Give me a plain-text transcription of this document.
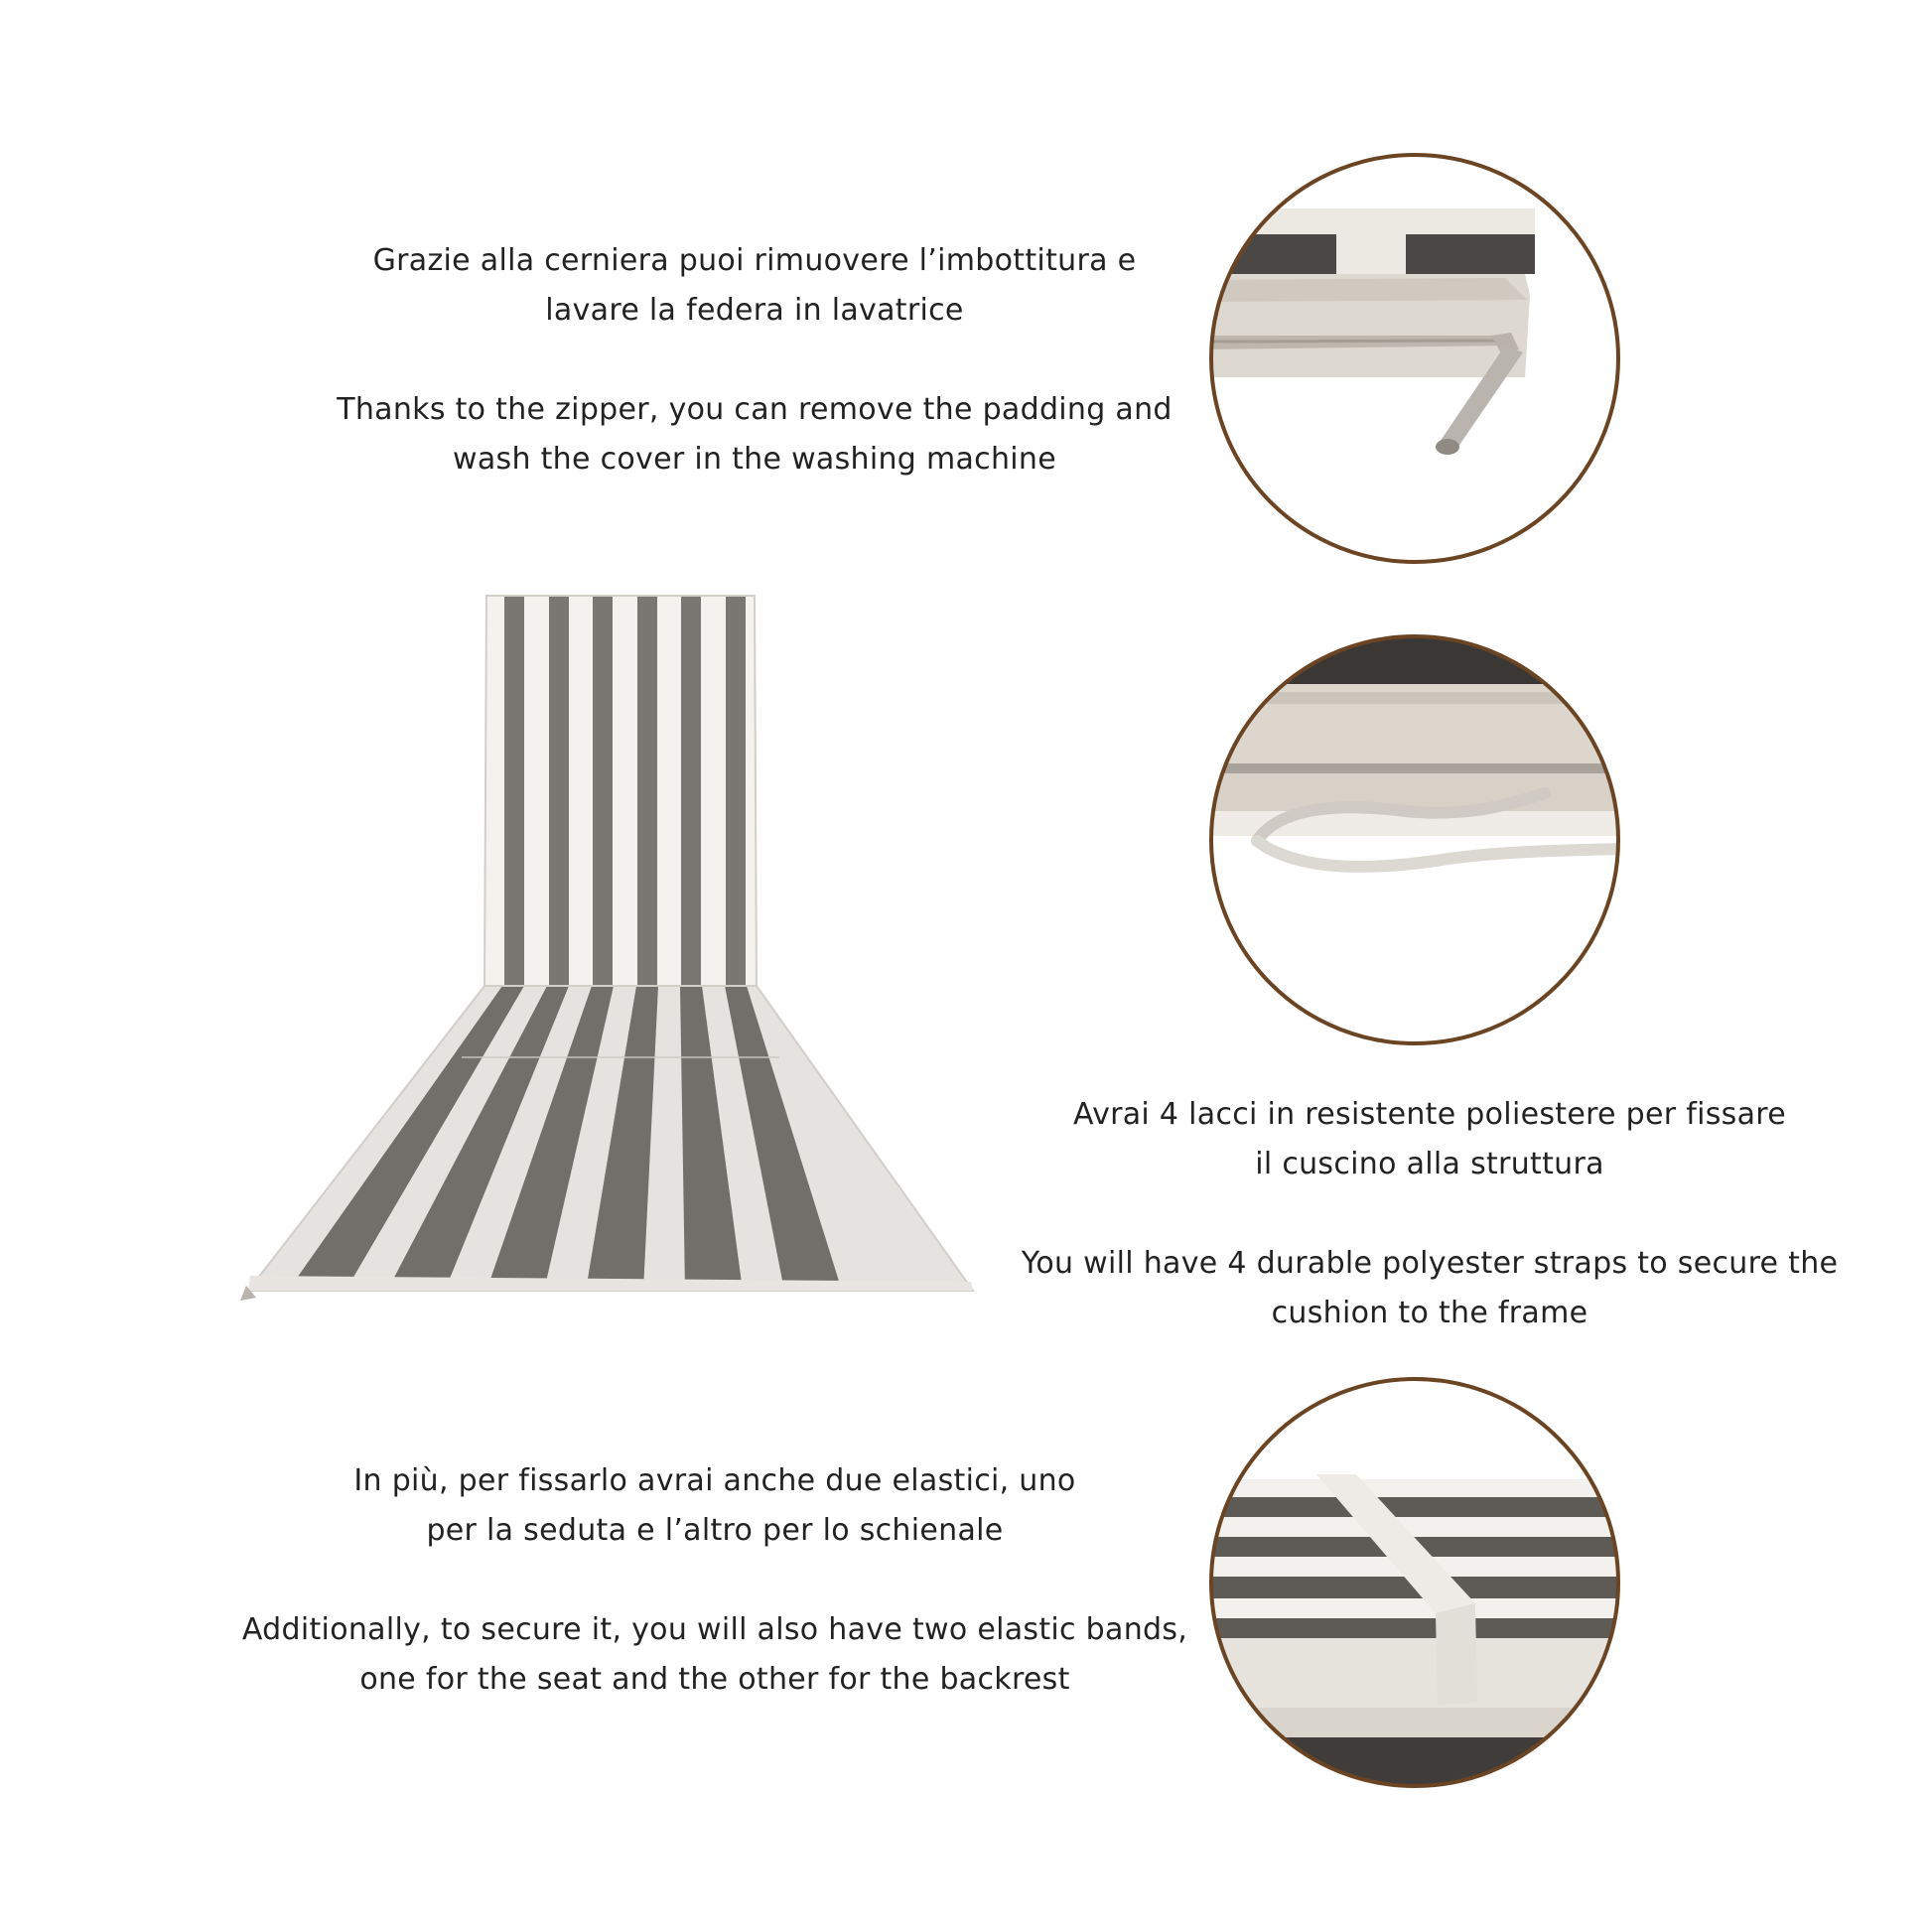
Grazie alla cerniera puoi rimuovere l’imbottitura e

lavare la federa in lavatrice

Thanks to the zipper, you can remove the padding and

wash the cover in the washing machine

Avrai 4 lacci in resistente poliestere per fissare

il cuscino alla struttura

You will have 4 durable polyester straps to secure the

cushion to the frame

In più, per fissarlo avrai anche due elastici, uno

per la seduta e l’altro per lo schienale

Additionally, to secure it, you will also have two elastic bands,

one for the seat and the other for the backrest
